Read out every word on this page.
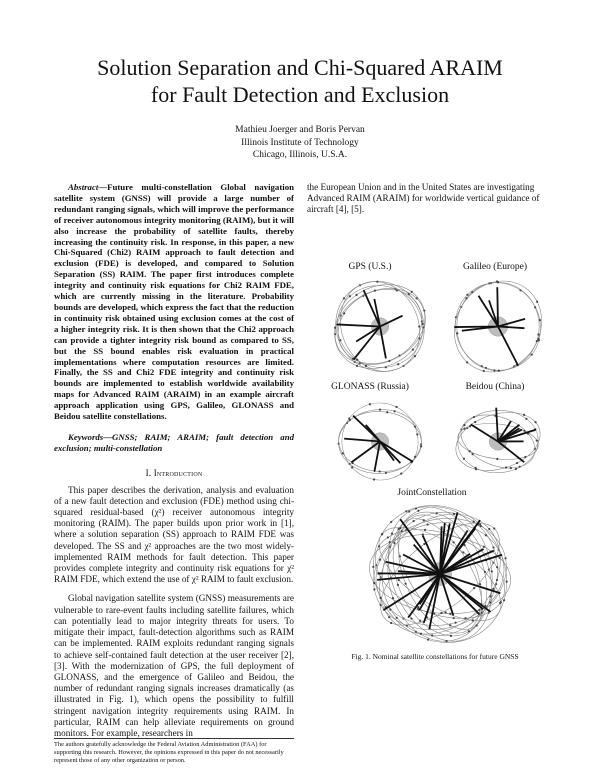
Solution Separation and Chi-Squared ARAIM
for Fault Detection and Exclusion
Mathieu Joerger and Boris Pervan
Illinois Institute of Technology
Chicago, Illinois, U.S.A.

Abstract—Future multi-constellation Global navigation satellite system (GNSS) will provide a large number of redundant ranging signals, which will improve the performance of receiver autonomous integrity monitoring (RAIM), but it will also increase the probability of satellite faults, thereby increasing the continuity risk. In response, in this paper, a new Chi-Squared (Chi2) RAIM approach to fault detection and exclusion (FDE) is developed, and compared to Solution Separation (SS) RAIM. The paper first introduces complete integrity and continuity risk equations for Chi2 RAIM FDE, which are currently missing in the literature. Probability bounds are developed, which express the fact that the reduction in continuity risk obtained using exclusion comes at the cost of a higher integrity risk. It is then shown that the Chi2 approach can provide a tighter integrity risk bound as compared to SS, but the SS bound enables risk evaluation in practical implementations where computation resources are limited. Finally, the SS and Chi2 FDE integrity and continuity risk bounds are implemented to establish worldwide availability maps for Advanced RAIM (ARAIM) in an example aircraft approach application using GPS, Galileo, GLONASS and Beidou satellite constellations.

Keywords—GNSS; RAIM; ARAIM; fault detection and exclusion; multi-constellation

I. Introduction

This paper describes the derivation, analysis and evaluation of a new fault detection and exclusion (FDE) method using chi-squared residual-based (χ²) receiver autonomous integrity monitoring (RAIM). The paper builds upon prior work in [1], where a solution separation (SS) approach to RAIM FDE was developed. The SS and χ² approaches are the two most widely-implemented RAIM methods for fault detection. This paper provides complete integrity and continuity risk equations for χ² RAIM FDE, which extend the use of χ² RAIM to fault exclusion.

Global navigation satellite system (GNSS) measurements are vulnerable to rare-event faults including satellite failures, which can potentially lead to major integrity threats for users. To mitigate their impact, fault-detection algorithms such as RAIM can be implemented. RAIM exploits redundant ranging signals to achieve self-contained fault detection at the user receiver [2], [3]. With the modernization of GPS, the full deployment of GLONASS, and the emergence of Galileo and Beidou, the number of redundant ranging signals increases dramatically (as illustrated in Fig. 1), which opens the possibility to fulfill stringent navigation integrity requirements using RAIM. In particular, RAIM can help alleviate requirements on ground monitors. For example, researchers in

The authors gratefully acknowledge the Federal Aviation Administration (FAA) for supporting this research. However, the opinions expressed in this paper do not necessarily represent those of any other organization or person.

the European Union and in the United States are investigating Advanced RAIM (ARAIM) for worldwide vertical guidance of aircraft [4], [5].

GPS (U.S.)	Galileo (Europe)
GLONASS (Russia)	Beidou (China)
JointConstellation
Fig. 1. Nominal satellite constellations for future GNSS
